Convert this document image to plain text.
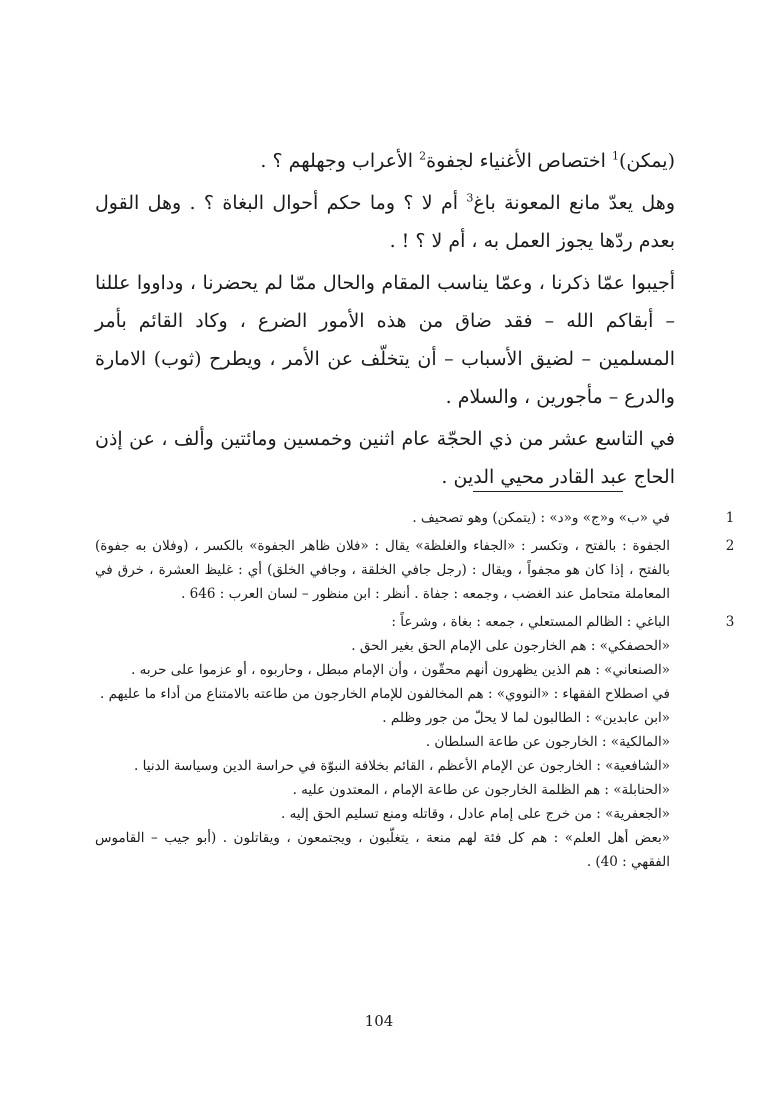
(يمكن)$^1$ اختصاص الأغنياء لجفوة$^2$ الأعراب وجهلهم ؟ .

وهل يعدّ مانع المعونة باغ$^3$ أم لا ؟ وما حكم أحوال البغاة ؟ . وهل القول بعدم ردّها يجوز العمل به ، أم لا ؟ ! .

أجيبوا عمّا ذكرنا ، وعمّا يناسب المقام والحال ممّا لم يحضرنا ، وداووا عللنا – أبقاكم الله – فقد ضاق من هذه الأمور الضرع ، وكاد القائم بأمر المسلمين – لضيق الأسباب – أن يتخلّف عن الأمر ، ويطرح (ثوب) الامارة والدرع – مأجورين ، والسلام .

في التاسع عشر من ذي الحجّة عام اثنين وخمسين ومائتين وألف ، عن إذن الحاج عبد القادر محيي الدين .

1

في «ب» و«ج» و«د» : (يتمكن) وهو تصحيف .

2

الجفوة : بالفتح ، وتكسر : «الجفاء والغلظة» يقال : «فلان ظاهر الجفوة» بالكسر ، (وفلان به جفوة) بالفتح ، إذا كان هو مجفواً ، ويقال : (رجل جافي الخلقة ، وجافي الخلق) أي : غليظ العشرة ، خرق في المعاملة متحامل عند الغضب ، وجمعه : جفاة . أنظر : ابن منظور – لسان العرب : 646 .

3

الباغي : الظالم المستعلي ، جمعه : بغاة ، وشرعاً :

«الحصفكي» : هم الخارجون على الإمام الحق بغير الحق .

«الصنعاني» : هم الذين يظهرون أنهم محقّون ، وأن الإمام مبطل ، وحاربوه ، أو عزموا على حربه .

في اصطلاح الفقهاء : «النووي» : هم المخالفون للإمام الخارجون من طاعته بالامتناع من أداء ما عليهم .

«ابن عابدين» : الطالبون لما لا يحلّ من جور وظلم .

«المالكية» : الخارجون عن طاعة السلطان .

«الشافعية» : الخارجون عن الإمام الأعظم ، القائم بخلافة النبوّة في حراسة الدين وسياسة الدنيا .

«الحنابلة» : هم الظلمة الخارجون عن طاعة الإمام ، المعتدون عليه .

«الجعفرية» : من خرج على إمام عادل ، وقاتله ومنع تسليم الحق إليه .

«بعض أهل العلم» : هم كل فئة لهم منعة ، يتغلّبون ، ويجتمعون ، ويقاتلون . (أبو جيب – القاموس الفقهي : 40) .

104
